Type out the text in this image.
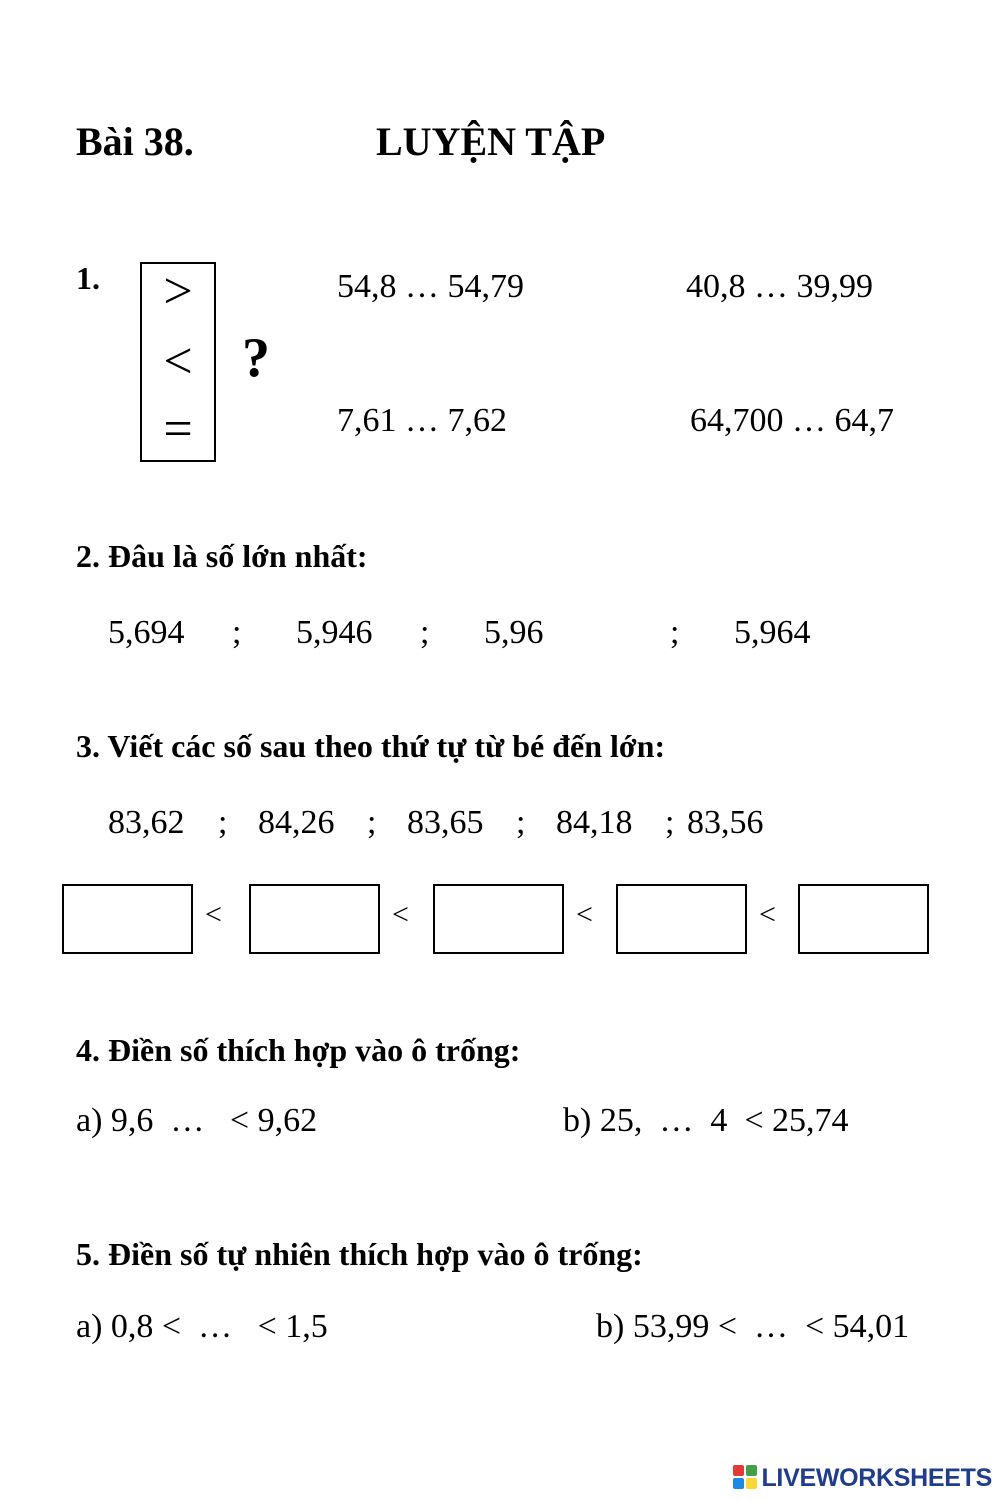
Bài 38.	LUYỆN TẬP
1.	>
<
=
?
54,8 … 54,79	40,8 … 39,99
7,61 … 7,62	64,700 … 64,7
2. Đâu là số lớn nhất:
5,694 ; 5,946 ; 5,96	; 5,964
3. Viết các số sau theo thứ tự từ bé đến lớn:
83,62 ; 84,26 ; 83,65 ; 84,18 ; 83,56
<	<	<	<
4. Điền số thích hợp vào ô trống:
a) 9,6  …   < 9,62	b) 25,  …  4  < 25,74
5. Điền số tự nhiên thích hợp vào ô trống:
a) 0,8 <  …   < 1,5	b) 53,99 <  …  < 54,01
LIVEWORKSHEETS
